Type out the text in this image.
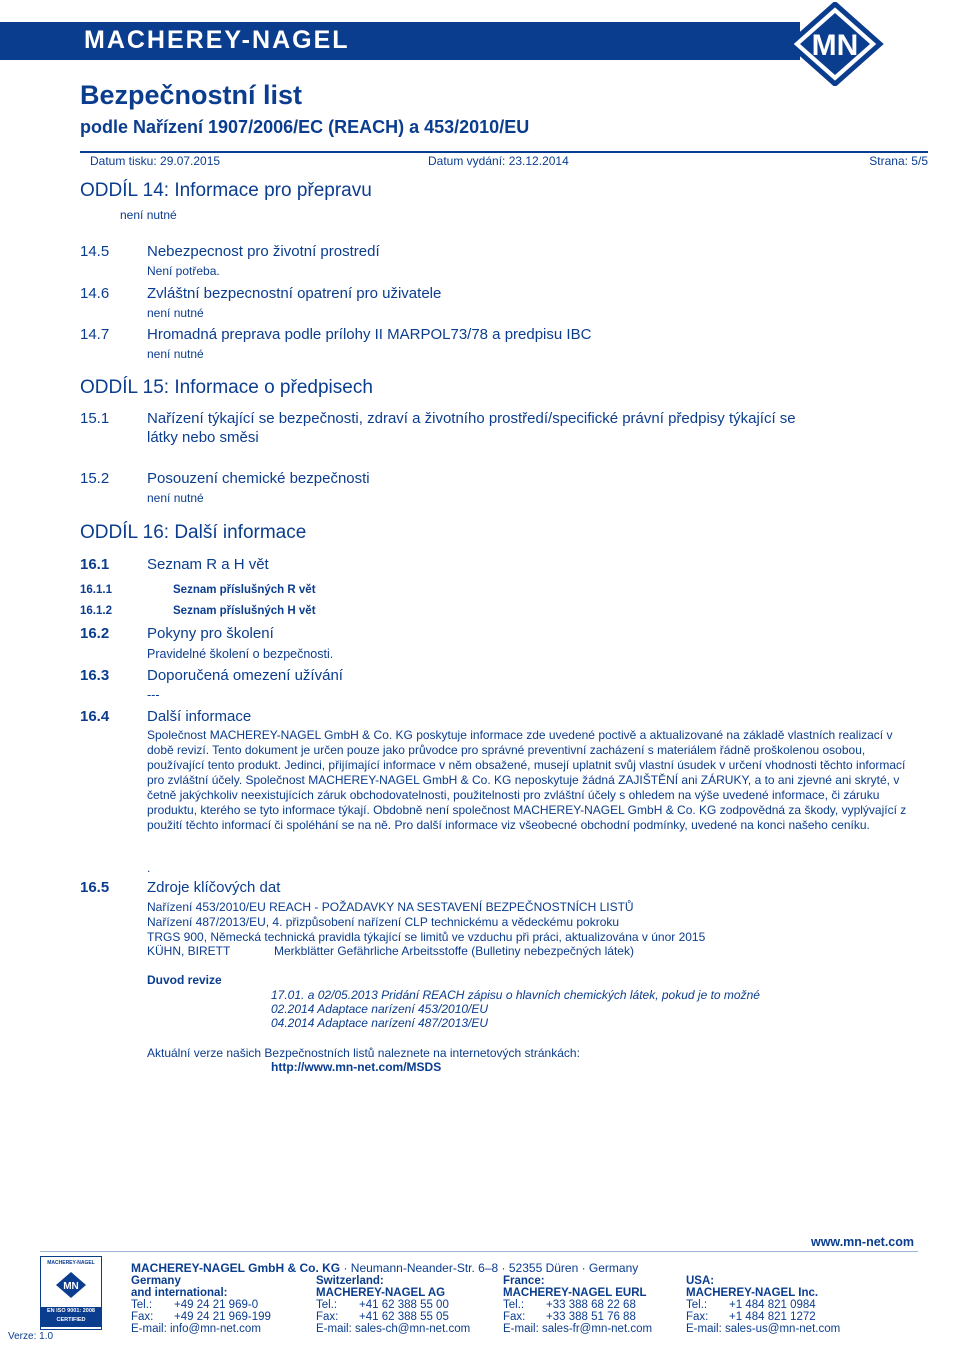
MACHEREY-NAGEL	MN
Bezpečnostní list
podle Nařízení 1907/2006/EC (REACH) a 453/2010/EU
Datum tisku: 29.07.2015	Datum vydání: 23.12.2014	Strana: 5/5
ODDÍL 14: Informace pro přepravu
není nutné
14.5	Nebezpecnost pro životní prostredí
Není potřeba.
14.6	Zvláštní bezpecnostní opatrení pro uživatele
není nutné
14.7	Hromadná preprava podle prílohy II MARPOL73/78 a predpisu IBC
není nutné
ODDÍL 15: Informace o předpisech
15.1	Nařízení týkající se bezpečnosti, zdraví a životního prostředí/specifické právní předpisy týkající se
látky nebo směsi
15.2	Posouzení chemické bezpečnosti
není nutné
ODDÍL 16: Další informace
16.1	Seznam R a H vět
16.1.1	Seznam příslušných R vět
16.1.2	Seznam příslušných H vět
16.2	Pokyny pro školení
Pravidelné školení o bezpečnosti.
16.3	Doporučená omezení užívání
---
16.4	Další informace
Společnost MACHEREY-NAGEL GmbH & Co. KG poskytuje informace zde uvedené poctivě a aktualizované na základě vlastních realizací v době revizí. Tento dokument je určen pouze jako průvodce pro správné preventivní zacházení s materiálem řádně proškolenou osobou, používající tento produkt. Jedinci, přijímající informace v něm obsažené, musejí uplatnit svůj vlastní úsudek v určení vhodnosti těchto informací pro zvláštní účely. Společnost MACHEREY-NAGEL GmbH & Co. KG neposkytuje žádná ZAJIŠTĚNÍ ani ZÁRUKY, a to ani zjevné ani skryté, v četně jakýchkoliv neexistujících záruk obchodovatelnosti, použitelnosti pro zvláštní účely s ohledem na výše uvedené informace, či záruku produktu, kterého se tyto informace týkají. Obdobně není společnost MACHEREY-NAGEL GmbH & Co. KG zodpovědná za škody, vyplývající z použití těchto informací či spoléhání se na ně. Pro další informace viz všeobecné obchodní podmínky, uvedené na konci našeho ceníku.
.
16.5	Zdroje klíčových dat
Nařízení 453/2010/EU REACH - POŽADAVKY NA SESTAVENÍ BEZPEČNOSTNÍCH LISTŮ
Nařízení 487/2013/EU, 4. přizpůsobení nařízení CLP technickému a vědeckému pokroku
TRGS 900, Německá technická pravidla týkající se limitů ve vzduchu při práci, aktualizována v únor 2015
KÜHN, BIRETT	Merkblätter Gefährliche Arbeitsstoffe (Bulletiny nebezpečných látek)
Duvod revize
17.01. a 02/05.2013 Pridání REACH zápisu o hlavních chemických látek, pokud je to možné
02.2014 Adaptace narízení 453/2010/EU
04.2014 Adaptace narízení 487/2013/EU
Aktuální verze našich Bezpečnostních listů naleznete na internetových stránkách:
http://www.mn-net.com/MSDS
www.mn-net.com
MACHEREY-NAGEL
MN
EN ISO 9001: 2008
CERTIFIED
Verze: 1.0
MACHEREY-NAGEL GmbH & Co. KG · Neumann-Neander-Str. 6–8 · 52355 Düren · Germany
Germany
and international:
Tel.: +49 24 21 969-0
Fax: +49 24 21 969-199
E-mail: info@mn-net.com
Switzerland:
MACHEREY-NAGEL AG
Tel.: +41 62 388 55 00
Fax: +41 62 388 55 05
E-mail: sales-ch@mn-net.com
France:
MACHEREY-NAGEL EURL
Tel.: +33 388 68 22 68
Fax: +33 388 51 76 88
E-mail: sales-fr@mn-net.com
USA:
MACHEREY-NAGEL Inc.
Tel.: +1 484 821 0984
Fax: +1 484 821 1272
E-mail: sales-us@mn-net.com
